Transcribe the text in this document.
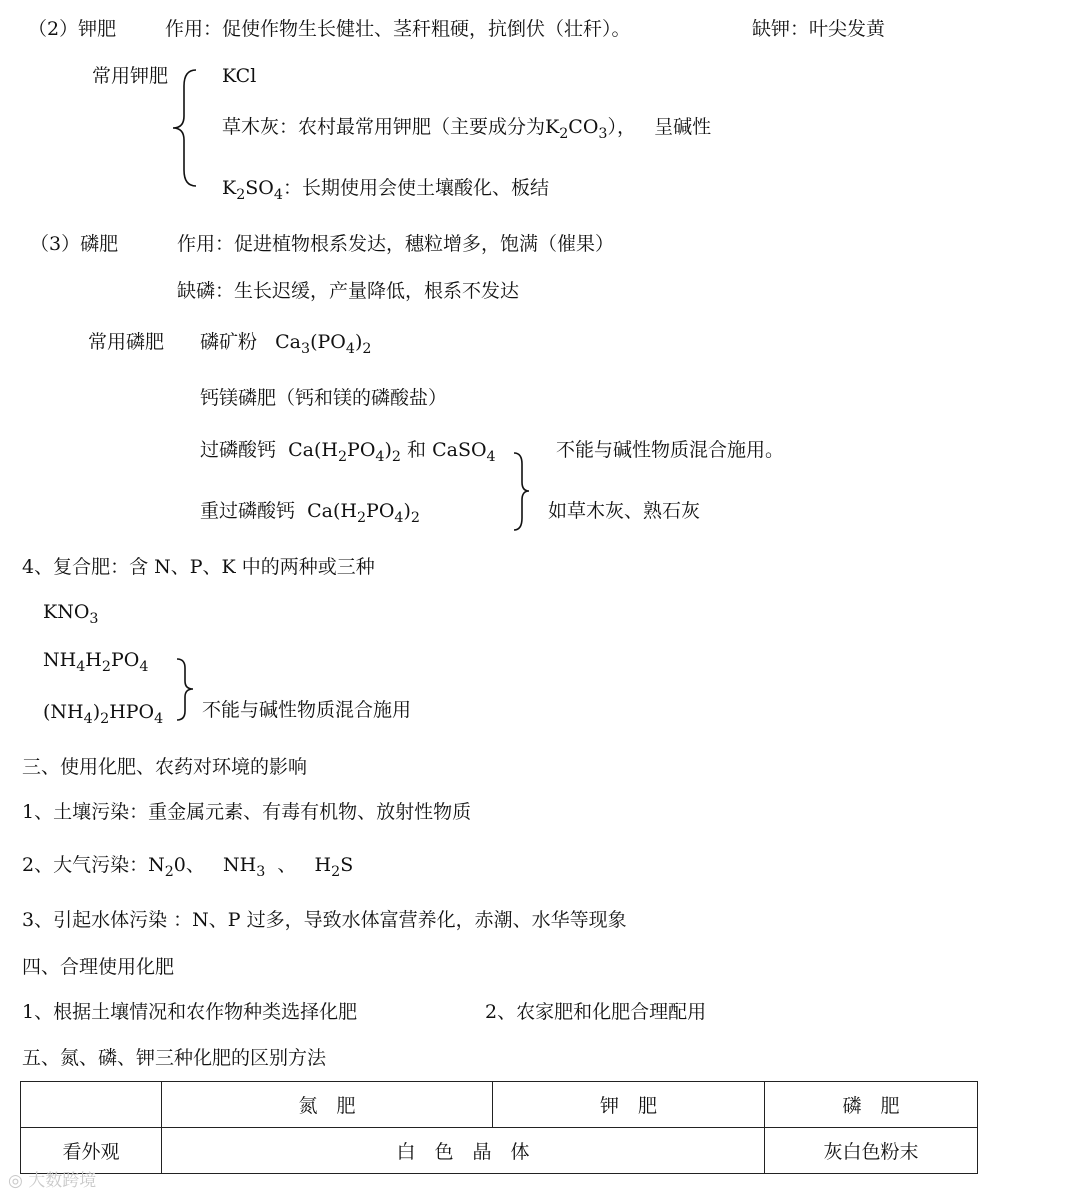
（2）钾肥	作用：促使作物生长健壮、茎秆粗硬，抗倒伏（壮秆）。	缺钾：叶尖发黄
常用钾肥	KCl
草木灰：农村最常用钾肥（主要成分为$K_2CO_3$）， 呈碱性
$K_2SO_4$：长期使用会使土壤酸化、板结
（3）磷肥	作用：促进植物根系发达，穗粒增多，饱满（催果）
缺磷：生长迟缓，产量降低，根系不发达
常用磷肥 磷矿粉   $Ca_3(PO_4)_2$
钙镁磷肥（钙和镁的磷酸盐）
过磷酸钙  $Ca(H_2PO_4)_2$ 和 CaSO$_4$
重过磷酸钙  $Ca(H_2PO_4)_2$
不能与碱性物质混合施用。
如草木灰、熟石灰
4、复合肥：含 N、P、K 中的两种或三种
$KNO_3$
$NH_4H_2PO_4$
$(NH_4)_2HPO_4$ 不能与碱性物质混合施用
三、使用化肥、农药对环境的影响
1、土壤污染：重金属元素、有毒有机物、放射性物质
2、大气污染：$N_20$、   $NH_3$ 、   $H_2S$
3、引起水体污染 ：N、P 过多，导致水体富营养化，赤潮、水华等现象
四、合理使用化肥
1、根据土壤情况和农作物种类选择化肥	2、农家肥和化肥合理配用
五、氮、磷、钾三种化肥的区别方法
	氮　肥	钾　肥	磷　肥
看外观	白　色　晶　体		灰白色粉末
◎ 大数跨境
